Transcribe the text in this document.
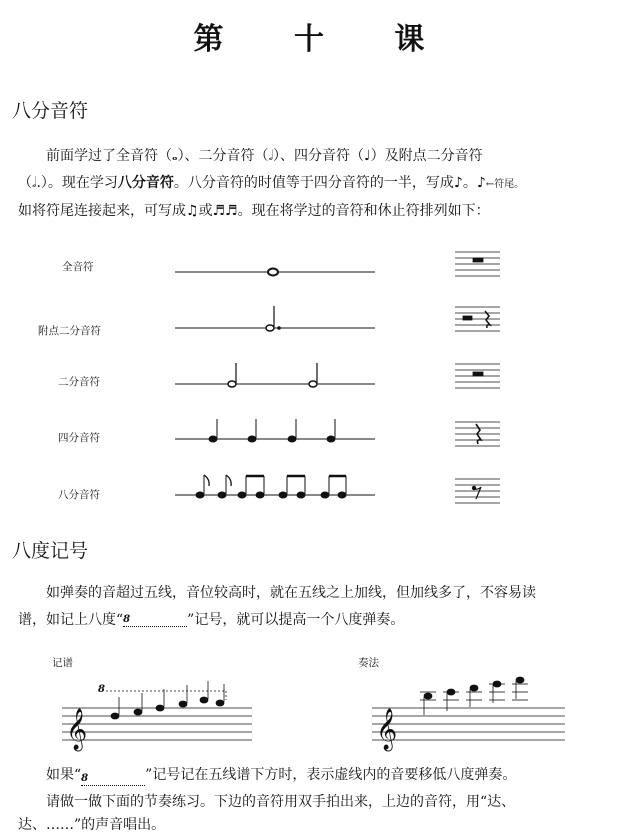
第 十 课
八分音符
前面学过了全音符（𝅝）、二分音符（𝅗𝅥）、四分音符（♩）及附点二分音符
（𝅗𝅥.）。现在学习八分音符。八分音符的时值等于四分音符的一半，写成♪。♪←符尾。
如将符尾连接起来，可写成♫或♬♬。现在将学过的音符和休止符排列如下：
全音符
附点二分音符
二分音符
四分音符
八分音符
八度记号
如弹奏的音超过五线，音位较高时，就在五线之上加线，但加线多了，不容易读
谱，如记上八度“8	”记号，就可以提高一个八度弹奏。
记谱	奏法
8
𝄞	𝄞
如果“8	”记号记在五线谱下方时，表示虚线内的音要移低八度弹奏。
请做一做下面的节奏练习。下边的音符用双手拍出来，上边的音符，用“达、
达、……”的声音唱出。
